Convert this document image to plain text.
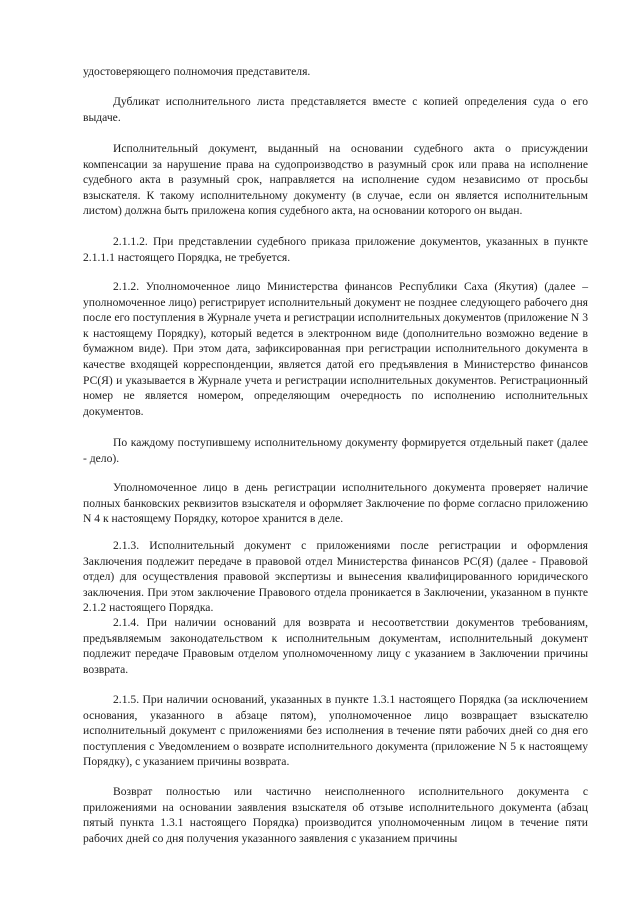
удостоверяющего полномочия представителя.

Дубликат исполнительного листа представляется вместе с копией определения суда о его выдаче.

Исполнительный документ, выданный на основании судебного акта о присуждении компенсации за нарушение права на судопроизводство в разумный срок или права на исполнение судебного акта в разумный срок, направляется на исполнение судом независимо от просьбы взыскателя. К такому исполнительному документу (в случае, если он является исполнительным листом) должна быть приложена копия судебного акта, на основании которого он выдан.

2.1.1.2. При представлении судебного приказа приложение документов, указанных в пункте 2.1.1.1 настоящего Порядка, не требуется.

2.1.2. Уполномоченное лицо Министерства финансов Республики Саха (Якутия) (далее – уполномоченное лицо) регистрирует исполнительный документ не позднее следующего рабочего дня после его поступления в Журнале учета и регистрации исполнительных документов (приложение N 3 к настоящему Порядку), который ведется в электронном виде (дополнительно возможно ведение в бумажном виде). При этом дата, зафиксированная при регистрации исполнительного документа в качестве входящей корреспонденции, является датой его предъявления в Министерство финансов РС(Я) и указывается в Журнале учета и регистрации исполнительных документов. Регистрационный номер не является номером, определяющим очередность по исполнению исполнительных документов.

По каждому поступившему исполнительному документу формируется отдельный пакет (далее - дело).

Уполномоченное лицо в день регистрации исполнительного документа проверяет наличие полных банковских реквизитов взыскателя и оформляет Заключение по форме согласно приложению N 4 к настоящему Порядку, которое хранится в деле.

2.1.3. Исполнительный документ с приложениями после регистрации и оформления Заключения подлежит передаче в правовой отдел Министерства финансов РС(Я) (далее - Правовой отдел) для осуществления правовой экспертизы и вынесения квалифицированного юридического заключения. При этом заключение Правового отдела проникается в Заключении, указанном в пункте 2.1.2 настоящего Порядка.

2.1.4. При наличии оснований для возврата и несоответствии документов требованиям, предъявляемым законодательством к исполнительным документам, исполнительный документ подлежит передаче Правовым отделом уполномоченному лицу с указанием в Заключении причины возврата.

2.1.5. При наличии оснований, указанных в пункте 1.3.1 настоящего Порядка (за исключением основания, указанного в абзаце пятом), уполномоченное лицо возвращает взыскателю исполнительный документ с приложениями без исполнения в течение пяти рабочих дней со дня его поступления с Уведомлением о возврате исполнительного документа (приложение N 5 к настоящему Порядку), с указанием причины возврата.

Возврат полностью или частично неисполненного исполнительного документа с приложениями на основании заявления взыскателя об отзыве исполнительного документа (абзац пятый пункта 1.3.1 настоящего Порядка) производится уполномоченным лицом в течение пяти рабочих дней со дня получения указанного заявления с указанием причины
